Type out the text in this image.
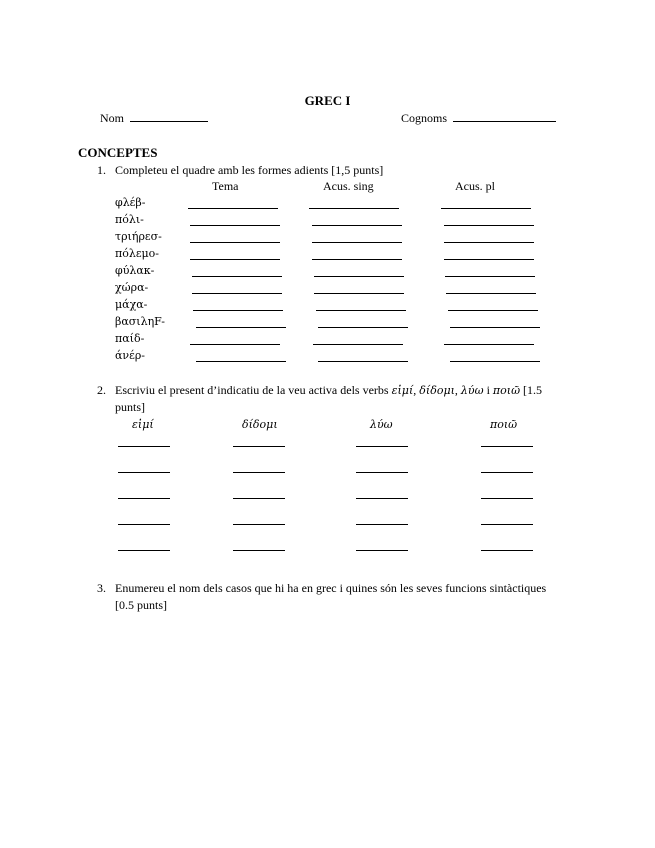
GREC I
Nom	Cognoms
CONCEPTES
1. Completeu el quadre amb les formes adients [1,5 punts]
Tema	Acus. sing	Acus. pl
φλέβ-
πόλι-
τριήρεσ-
πόλεμο-
φύλακ-
χώρα-
μάχα-
βασιληF-
παίδ-
άνέρ-
2. Escriviu el present d’indicatiu de la veu activa dels verbs εἰμί, δίδομι, λύω i ποιῶ [1.5
punts]
εἰμί	δίδομι	λύω	ποιῶ
3. Enumereu el nom dels casos que hi ha en grec i quines són les seves funcions sintàctiques
[0.5 punts]
